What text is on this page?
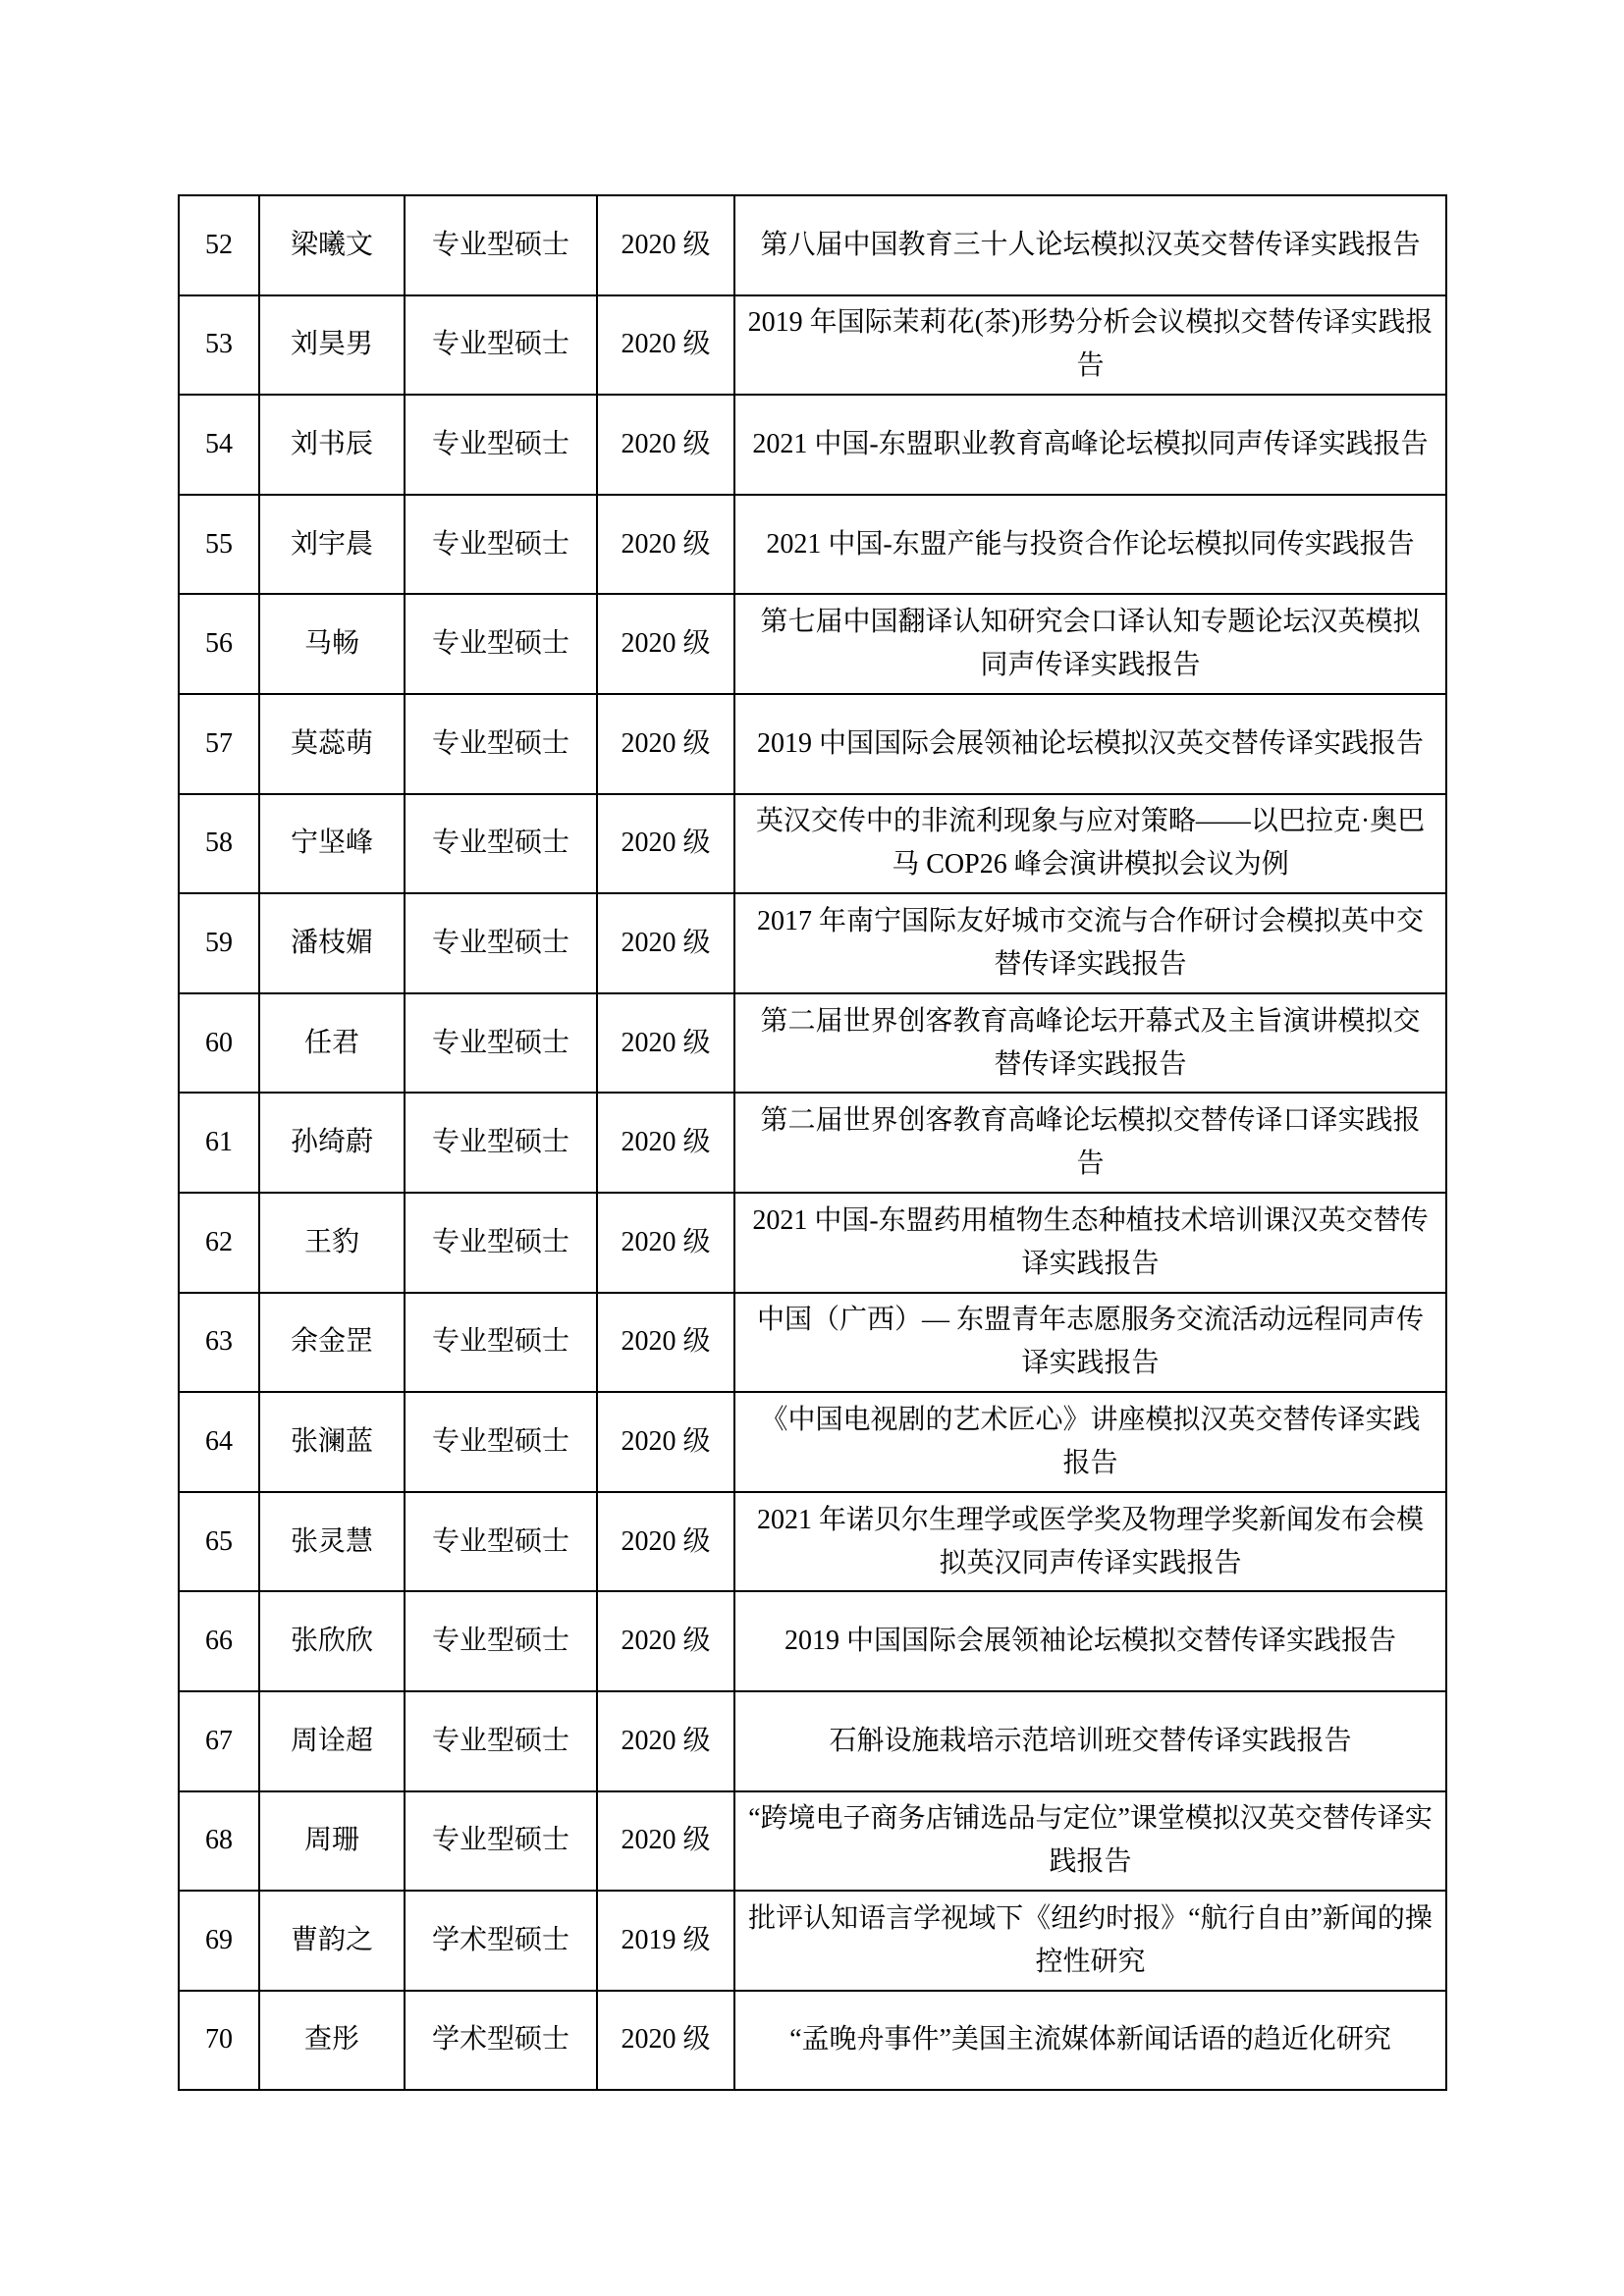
52	梁曦文	专业型硕士	2020 级	第八届中国教育三十人论坛模拟汉英交替传译实践报告
53	刘昊男	专业型硕士	2020 级	2019 年国际茉莉花(茶)形势分析会议模拟交替传译实践报告
54	刘书辰	专业型硕士	2020 级	2021 中国-东盟职业教育高峰论坛模拟同声传译实践报告
55	刘宇晨	专业型硕士	2020 级	2021 中国-东盟产能与投资合作论坛模拟同传实践报告
56	马畅	专业型硕士	2020 级	第七届中国翻译认知研究会口译认知专题论坛汉英模拟同声传译实践报告
57	莫蕊萌	专业型硕士	2020 级	2019 中国国际会展领袖论坛模拟汉英交替传译实践报告
58	宁坚峰	专业型硕士	2020 级	英汉交传中的非流利现象与应对策略——以巴拉克·奥巴马 COP26 峰会演讲模拟会议为例
59	潘枝媚	专业型硕士	2020 级	2017 年南宁国际友好城市交流与合作研讨会模拟英中交替传译实践报告
60	任君	专业型硕士	2020 级	第二届世界创客教育高峰论坛开幕式及主旨演讲模拟交替传译实践报告
61	孙绮蔚	专业型硕士	2020 级	第二届世界创客教育高峰论坛模拟交替传译口译实践报告
62	王豹	专业型硕士	2020 级	2021 中国-东盟药用植物生态种植技术培训课汉英交替传译实践报告
63	余金罡	专业型硕士	2020 级	中国（广西）— 东盟青年志愿服务交流活动远程同声传译实践报告
64	张澜蓝	专业型硕士	2020 级	《中国电视剧的艺术匠心》讲座模拟汉英交替传译实践报告
65	张灵慧	专业型硕士	2020 级	2021 年诺贝尔生理学或医学奖及物理学奖新闻发布会模拟英汉同声传译实践报告
66	张欣欣	专业型硕士	2020 级	2019 中国国际会展领袖论坛模拟交替传译实践报告
67	周诠超	专业型硕士	2020 级	石斛设施栽培示范培训班交替传译实践报告
68	周珊	专业型硕士	2020 级	“跨境电子商务店铺选品与定位”课堂模拟汉英交替传译实践报告
69	曹韵之	学术型硕士	2019 级	批评认知语言学视域下《纽约时报》“航行自由”新闻的操控性研究
70	查彤	学术型硕士	2020 级	“孟晚舟事件”美国主流媒体新闻话语的趋近化研究
